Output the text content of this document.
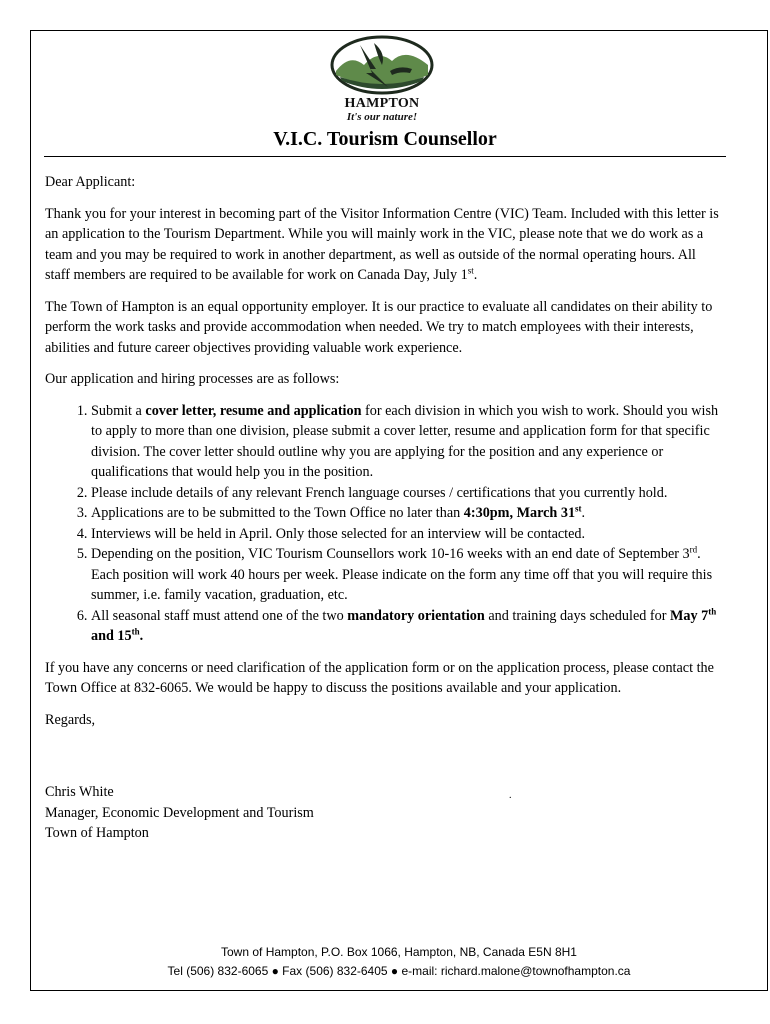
HAMPTON
It's our nature!
V.I.C. Tourism Counsellor

Dear Applicant:

Thank you for your interest in becoming part of the Visitor Information Centre (VIC) Team. Included with this letter is an application to the Tourism Department. While you will mainly work in the VIC, please note that we do work as a team and you may be required to work in another department, as well as outside of the normal operating hours. All staff members are required to be available for work on Canada Day, July 1st.

The Town of Hampton is an equal opportunity employer. It is our practice to evaluate all candidates on their ability to perform the work tasks and provide accommodation when needed. We try to match employees with their interests, abilities and future career objectives providing valuable work experience.

Our application and hiring processes are as follows:

1. Submit a cover letter, resume and application for each division in which you wish to work. Should you wish to apply to more than one division, please submit a cover letter, resume and application form for that specific division. The cover letter should outline why you are applying for the position and any experience or qualifications that would help you in the position.
2. Please include details of any relevant French language courses / certifications that you currently hold.
3. Applications are to be submitted to the Town Office no later than 4:30pm, March 31st.
4. Interviews will be held in April. Only those selected for an interview will be contacted.
5. Depending on the position, VIC Tourism Counsellors work 10-16 weeks with an end date of September 3rd. Each position will work 40 hours per week. Please indicate on the form any time off that you will require this summer, i.e. family vacation, graduation, etc.
6. All seasonal staff must attend one of the two mandatory orientation and training days scheduled for May 7th and 15th.

If you have any concerns or need clarification of the application form or on the application process, please contact the Town Office at 832-6065. We would be happy to discuss the positions available and your application.

Regards,

Chris White
Manager, Economic Development and Tourism
Town of Hampton
.
Town of Hampton, P.O. Box 1066, Hampton, NB, Canada E5N 8H1
Tel (506) 832-6065 ● Fax (506) 832-6405 ● e-mail: richard.malone@townofhampton.ca
